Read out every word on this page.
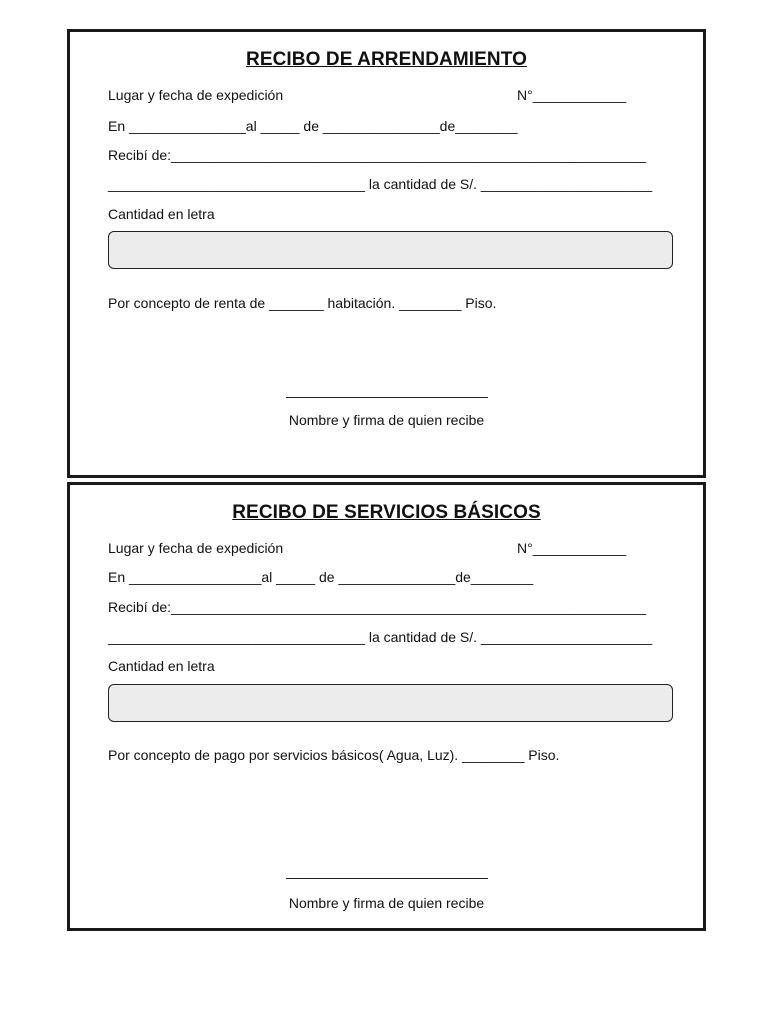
RECIBO DE ARRENDAMIENTO
Lugar y fecha de expedición	N°____________
En _______________al _____ de _______________de________
Recibí de:_____________________________________________________________
_________________________________ la cantidad de S/. ______________________
Cantidad en letra
Por concepto de renta de _______ habitación. ________ Piso.
Nombre y firma de quien recibe
RECIBO DE SERVICIOS BÁSICOS
Lugar y fecha de expedición	N°____________
En _________________al _____ de _______________de________
Recibí de:_____________________________________________________________
_________________________________ la cantidad de S/. ______________________
Cantidad en letra
Por concepto de pago por servicios básicos( Agua, Luz). ________ Piso.
Nombre y firma de quien recibe
